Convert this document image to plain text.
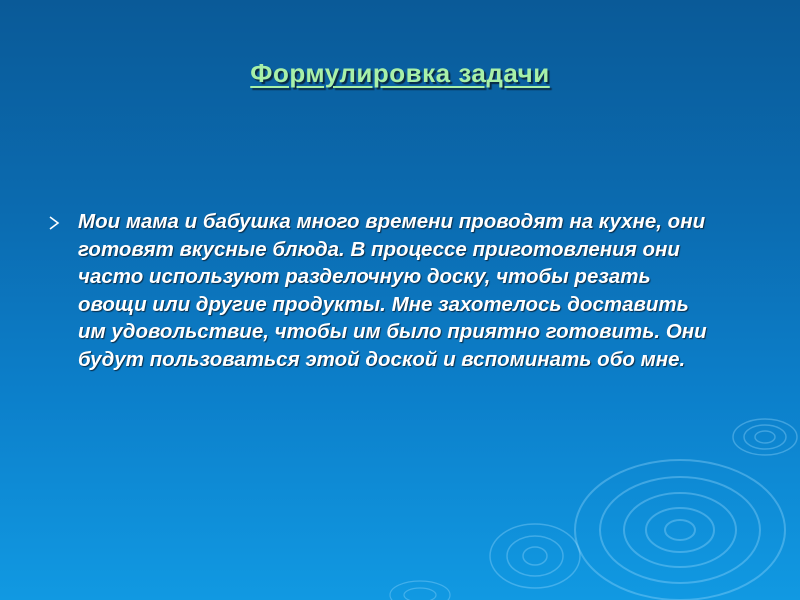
Формулировка задачи
Мои мама и бабушка много времени проводят на кухне, они готовят вкусные блюда. В процессе приготовления они часто используют разделочную доску, чтобы резать овощи или другие продукты. Мне захотелось доставить им удовольствие, чтобы им было приятно готовить. Они будут пользоваться этой доской и вспоминать обо мне.
